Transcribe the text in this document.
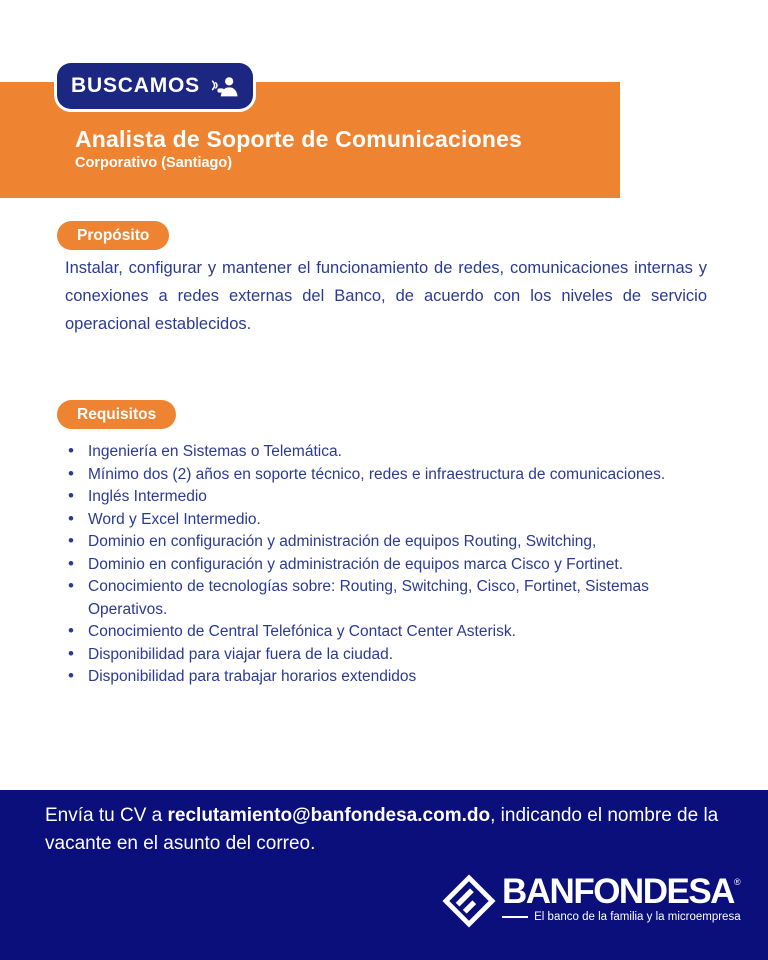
Analista de Soporte de Comunicaciones
Corporativo (Santiago)
BUSCAMOS
Propósito

Instalar, configurar y mantener el funcionamiento de redes, comunicaciones internas y conexiones a redes externas del Banco, de acuerdo con los niveles de servicio operacional establecidos.

Requisitos
• Ingeniería en Sistemas o Telemática.
• Mínimo dos (2) años en soporte técnico, redes e infraestructura de comunicaciones.
• Inglés Intermedio
• Word y Excel Intermedio.
• Dominio en configuración y administración de equipos Routing, Switching,
• Dominio en configuración y administración de equipos marca Cisco y Fortinet.
• Conocimiento de tecnologías sobre: Routing, Switching, Cisco, Fortinet, Sistemas Operativos.
• Conocimiento de Central Telefónica y Contact Center Asterisk.
• Disponibilidad para viajar fuera de la ciudad.
• Disponibilidad para trabajar horarios extendidos

Envía tu CV a reclutamiento@banfondesa.com.do, indicando el nombre de la vacante en el asunto del correo.

BANFONDESA ®
El banco de la familia y la microempresa
